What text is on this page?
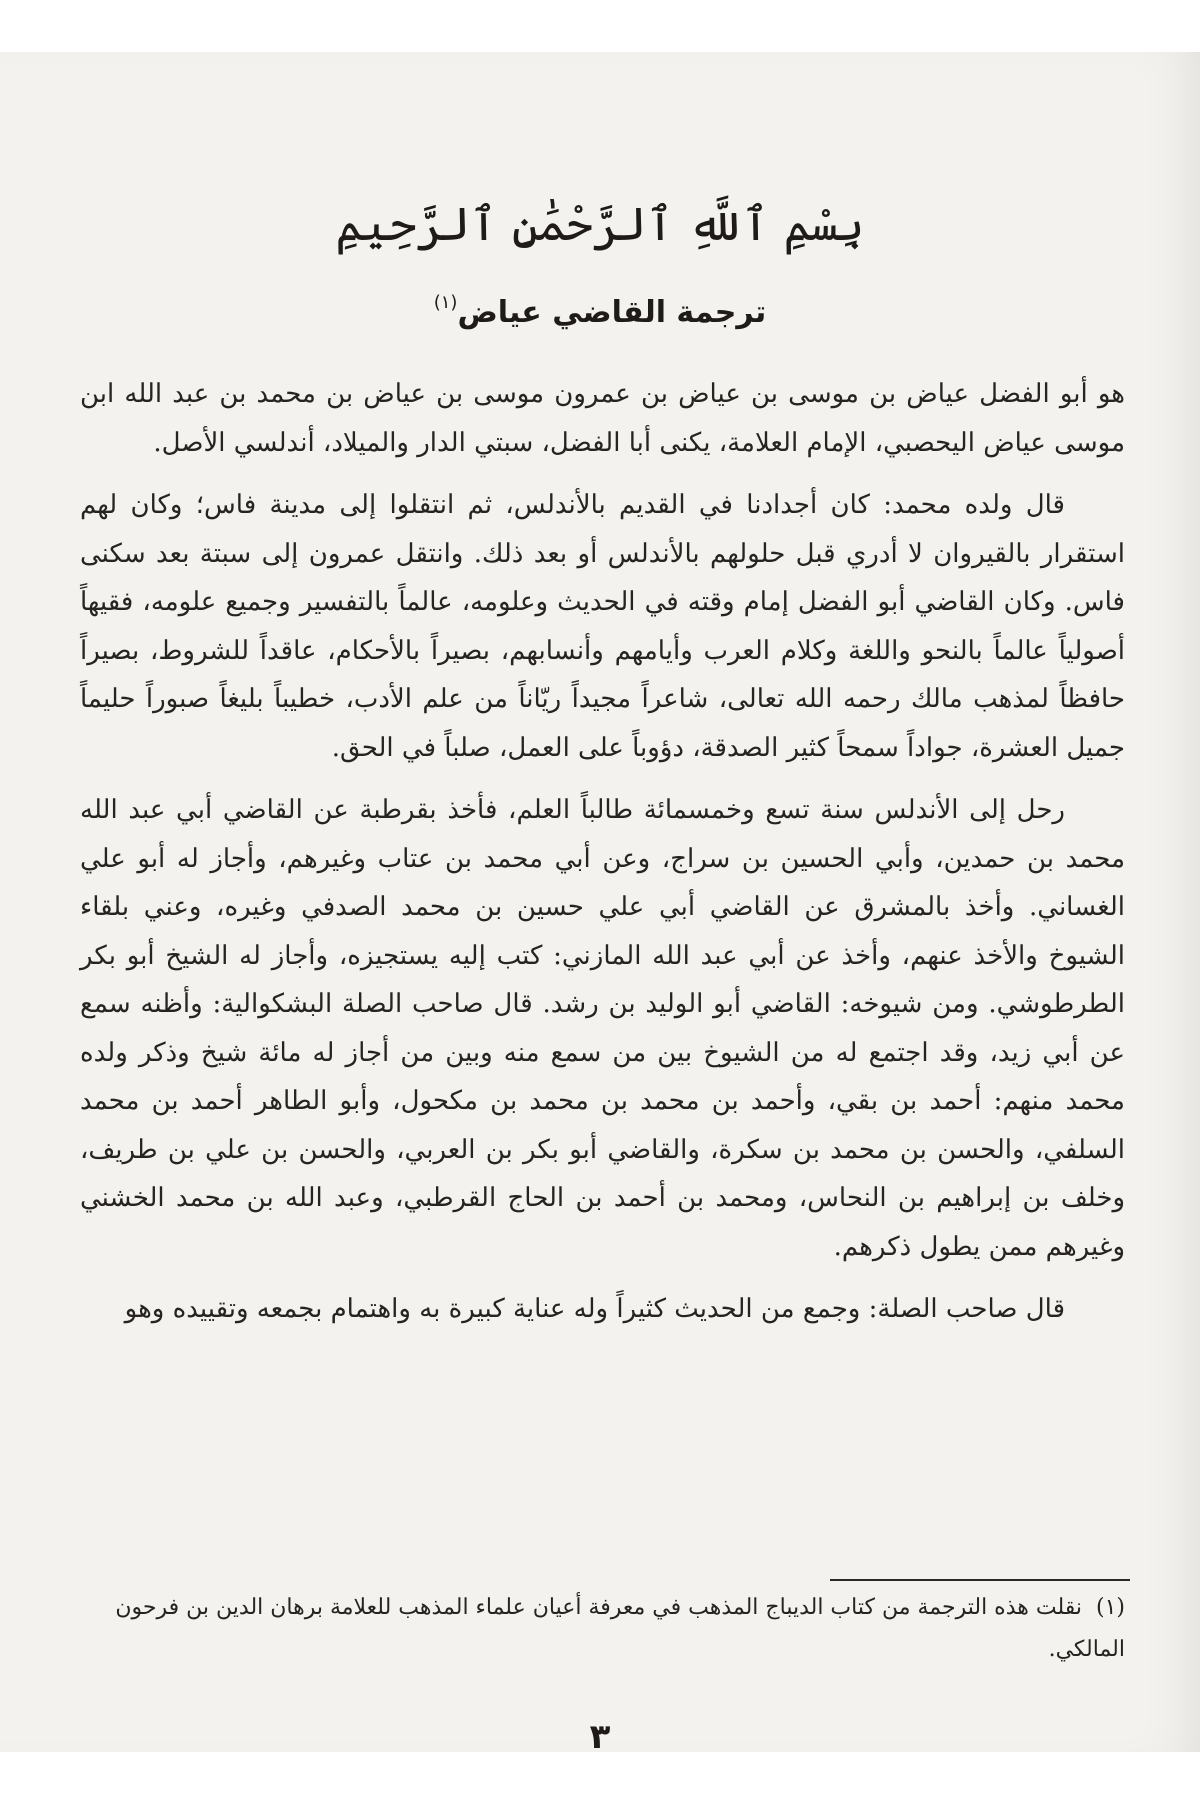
بِسْمِ ٱللَّهِ ٱلرَّحْمَٰنِ ٱلرَّحِيمِ
ترجمة القاضي عياض$^{(١)}$

هو أبو الفضل عياض بن موسى بن عياض بن عمرون موسى بن عياض بن محمد بن عبد الله ابن موسى عياض اليحصبي، الإمام العلامة، يكنى أبا الفضل، سبتي الدار والميلاد، أندلسي الأصل.

قال ولده محمد: كان أجدادنا في القديم بالأندلس، ثم انتقلوا إلى مدينة فاس؛ وكان لهم استقرار بالقيروان لا أدري قبل حلولهم بالأندلس أو بعد ذلك. وانتقل عمرون إلى سبتة بعد سكنى فاس. وكان القاضي أبو الفضل إمام وقته في الحديث وعلومه، عالماً بالتفسير وجميع علومه، فقيهاً أصولياً عالماً بالنحو واللغة وكلام العرب وأيامهم وأنسابهم، بصيراً بالأحكام، عاقداً للشروط، بصيراً حافظاً لمذهب مالك رحمه الله تعالى، شاعراً مجيداً ريّاناً من علم الأدب، خطيباً بليغاً صبوراً حليماً جميل العشرة، جواداً سمحاً كثير الصدقة، دؤوباً على العمل، صلباً في الحق.

رحل إلى الأندلس سنة تسع وخمسمائة طالباً العلم، فأخذ بقرطبة عن القاضي أبي عبد الله محمد بن حمدين، وأبي الحسين بن سراج، وعن أبي محمد بن عتاب وغيرهم، وأجاز له أبو علي الغساني. وأخذ بالمشرق عن القاضي أبي علي حسين بن محمد الصدفي وغيره، وعني بلقاء الشيوخ والأخذ عنهم، وأخذ عن أبي عبد الله المازني: كتب إليه يستجيزه، وأجاز له الشيخ أبو بكر الطرطوشي. ومن شيوخه: القاضي أبو الوليد بن رشد. قال صاحب الصلة البشكوالية: وأظنه سمع عن أبي زيد، وقد اجتمع له من الشيوخ بين من سمع منه وبين من أجاز له مائة شيخ وذكر ولده محمد منهم: أحمد بن بقي، وأحمد بن محمد بن محمد بن مكحول، وأبو الطاهر أحمد بن محمد السلفي، والحسن بن محمد بن سكرة، والقاضي أبو بكر بن العربي، والحسن بن علي بن طريف، وخلف بن إبراهيم بن النحاس، ومحمد بن أحمد بن الحاج القرطبي، وعبد الله بن محمد الخشني وغيرهم ممن يطول ذكرهم.

قال صاحب الصلة: وجمع من الحديث كثيراً وله عناية كبيرة به واهتمام بجمعه وتقييده وهو

(١)نقلت هذه الترجمة من كتاب الديباج المذهب في معرفة أعيان علماء المذهب للعلامة برهان الدين بن فرحون المالكي.
٣
